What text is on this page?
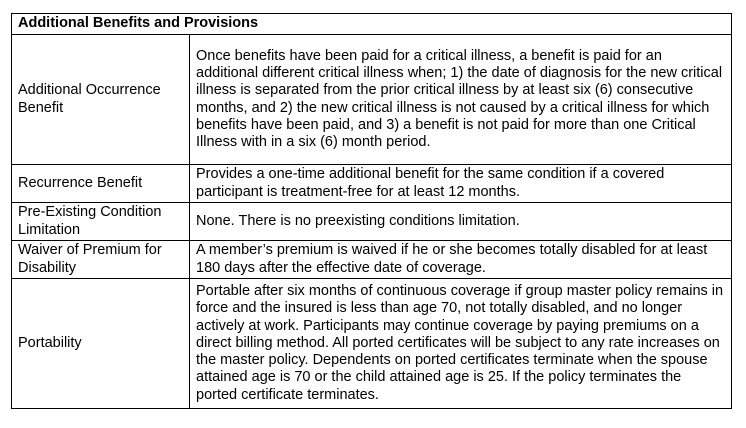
Additional Benefits and Provisions	
Additional Occurrence Benefit	Once benefits have been paid for a critical illness, a benefit is paid for an additional different critical illness when; 1) the date of diagnosis for the new critical illness is separated from the prior critical illness by at least six (6) consecutive months, and 2) the new critical illness is not caused by a critical illness for which benefits have been paid, and 3) a benefit is not paid for more than one Critical Illness with in a six (6) month period.
Recurrence Benefit	Provides a one-time additional benefit for the same condition if a covered participant is treatment-free for at least 12 months.
Pre-Existing Condition Limitation	None. There is no preexisting conditions limitation.
Waiver of Premium for Disability	A member’s premium is waived if he or she becomes totally disabled for at least 180 days after the effective date of coverage.
Portability	Portable after six months of continuous coverage if group master policy remains in force and the insured is less than age 70, not totally disabled, and no longer actively at work. Participants may continue coverage by paying premiums on a direct billing method. All ported certificates will be subject to any rate increases on the master policy. Dependents on ported certificates terminate when the spouse attained age is 70 or the child attained age is 25. If the policy terminates the ported certificate terminates.
